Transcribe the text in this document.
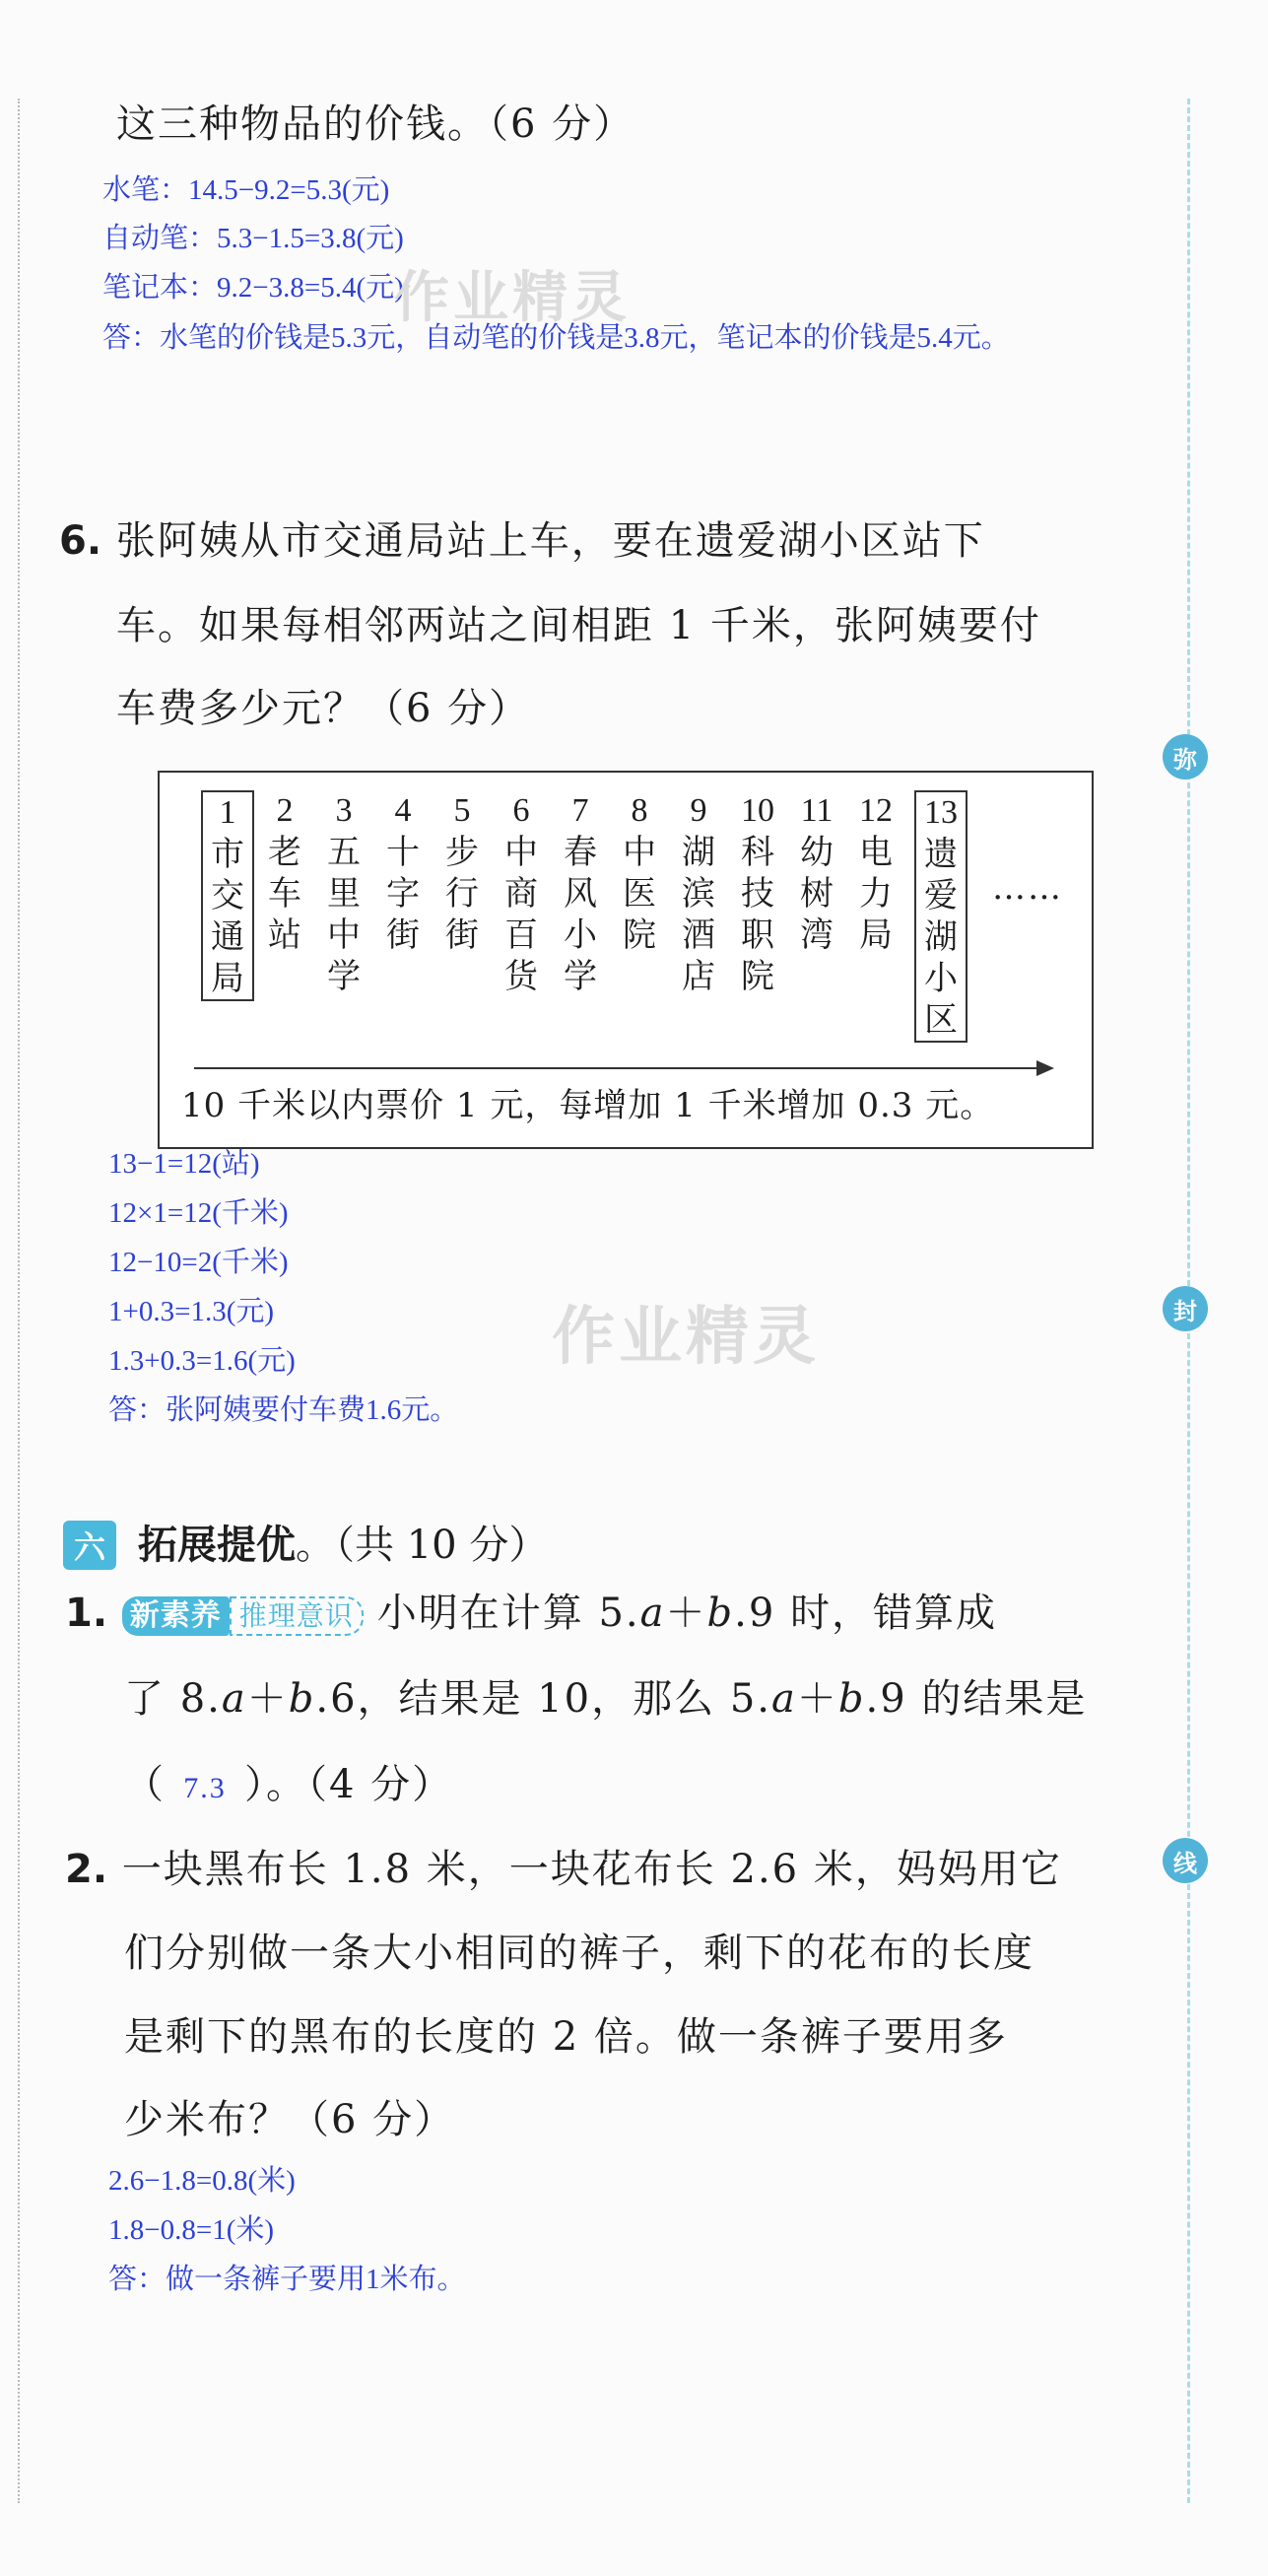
弥
封
线
这三种物品的价钱。（6 分）
水笔：14.5−9.2=5.3(元)
自动笔：5.3−1.5=3.8(元)
笔记本：9.2−3.8=5.4(元)
答：水笔的价钱是5.3元，自动笔的价钱是3.8元，笔记本的价钱是5.4元。
作业精灵
6. 张阿姨从市交通局站上车，要在遗爱湖小区站下
车。如果每相邻两站之间相距 1 千米，张阿姨要付
车费多少元？（6 分）
1
市
交
通
局
2
老
车
站
3
五
里
中
学
4
十
字
街
5
步
行
街
6
中
商
百
货
7
春
风
小
学
8
中
医
院
9
湖
滨
酒
店
10
科
技
职
院
11
幼
树
湾
12
电
力
局
13
遗
爱
湖
小
区
……
10 千米以内票价 1 元，每增加 1 千米增加 0.3 元。
13−1=12(站)
12×1=12(千米)
12−10=2(千米)
1+0.3=1.3(元)
1.3+0.3=1.6(元)
答：张阿姨要付车费1.6元。
作业精灵
六 拓展提优。（共 10 分）
1. 新素养 推理意识 小明在计算 5.a＋b.9 时，错算成
了 8.a＋b.6，结果是 10，那么 5.a＋b.9 的结果是
（ 7.3 ）。（4 分）
2. 一块黑布长 1.8 米，一块花布长 2.6 米，妈妈用它
们分别做一条大小相同的裤子，剩下的花布的长度
是剩下的黑布的长度的 2 倍。做一条裤子要用多
少米布？（6 分）
2.6−1.8=0.8(米)
1.8−0.8=1(米)
答：做一条裤子要用1米布。
